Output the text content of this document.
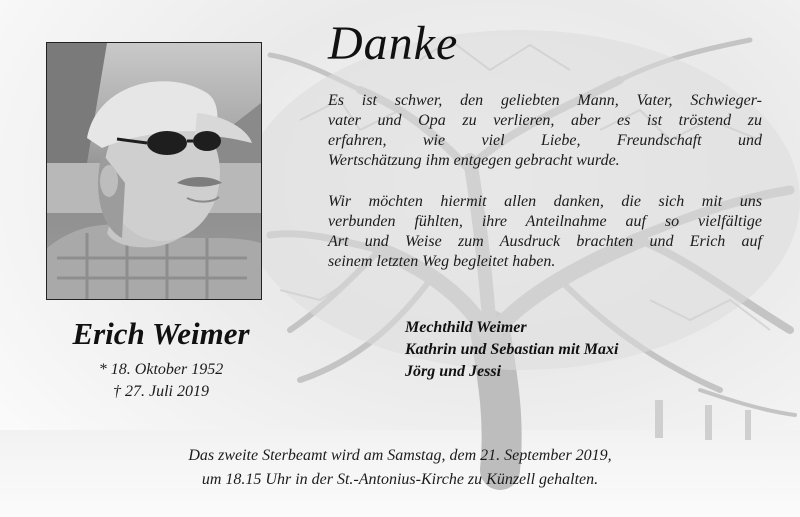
Danke
Es ist schwer, den geliebten Mann, Vater, Schwieger-
vater und Opa zu verlieren, aber es ist tröstend zu
erfahren, wie viel Liebe, Freundschaft und
Wertschätzung ihm entgegen gebracht wurde.
Wir möchten hiermit allen danken, die sich mit uns
verbunden fühlten, ihre Anteilnahme auf so vielfältige
Art und Weise zum Ausdruck brachten und Erich auf
seinem letzten Weg begleitet haben.
Erich Weimer
* 18. Oktober 1952
† 27. Juli 2019
Mechthild Weimer
Kathrin und Sebastian mit Maxi
Jörg und Jessi
Das zweite Sterbeamt wird am Samstag, dem 21. September 2019,
um 18.15 Uhr in der St.-Antonius-Kirche zu Künzell gehalten.
